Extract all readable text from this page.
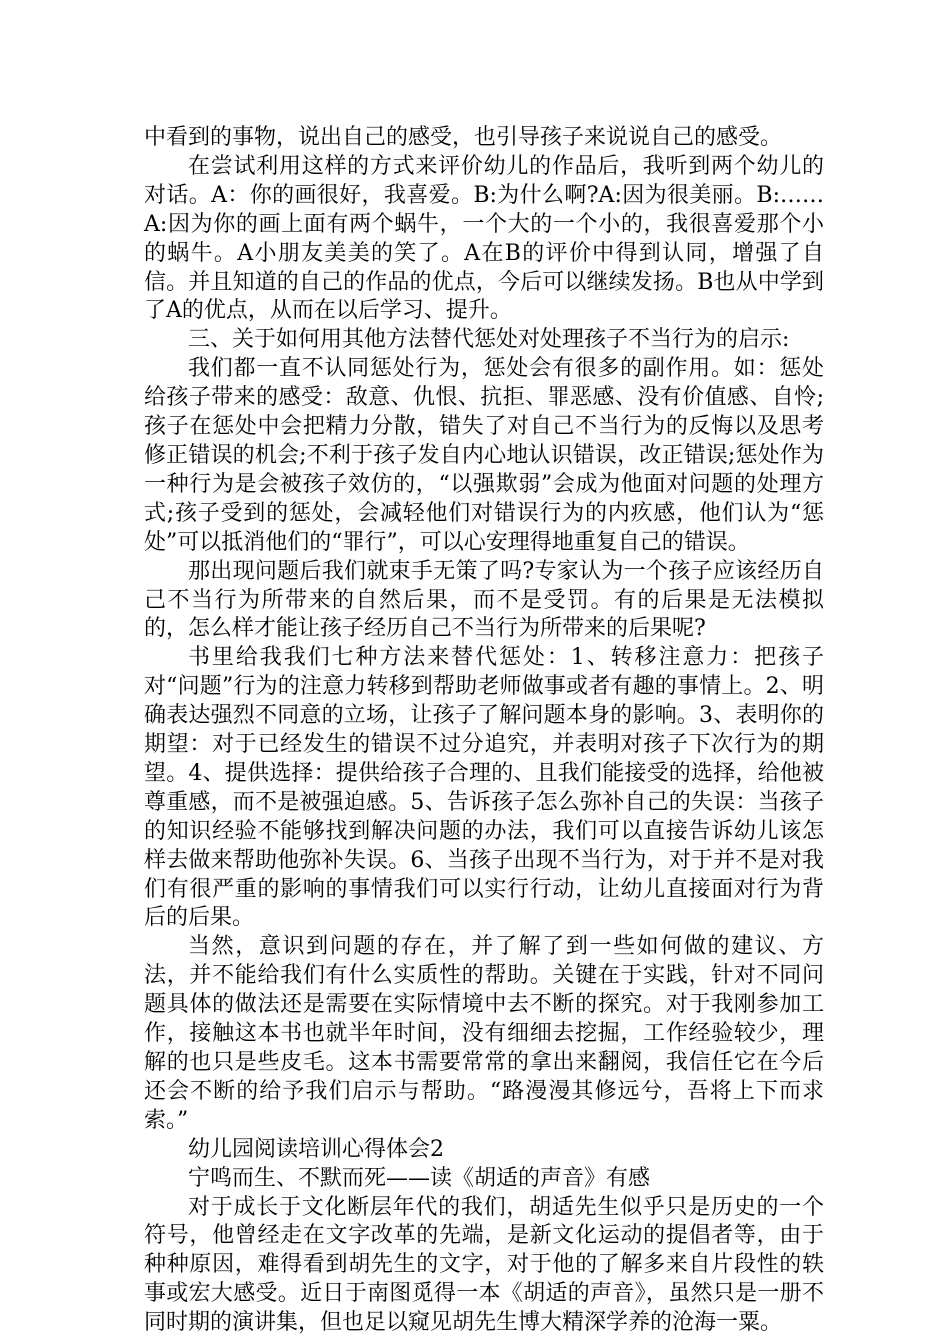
中看到的事物，说出自己的感受，也引导孩子来说说自己的感受。

在尝试利用这样的方式来评价幼儿的作品后，我听到两个幼儿的对话。A：你的画很好，我喜爱。B:为什么啊?A:因为很美丽。B:……A:因为你的画上面有两个蜗牛，一个大的一个小的，我很喜爱那个小的蜗牛。A小朋友美美的笑了。A在B的评价中得到认同，增强了自信。并且知道的自己的作品的优点，今后可以继续发扬。B也从中学到了A的优点，从而在以后学习、提升。

三、关于如何用其他方法替代惩处对处理孩子不当行为的启示:

我们都一直不认同惩处行为，惩处会有很多的副作用。如：惩处给孩子带来的感受：敌意、仇恨、抗拒、罪恶感、没有价值感、自怜;孩子在惩处中会把精力分散，错失了对自己不当行为的反悔以及思考修正错误的机会;不利于孩子发自内心地认识错误，改正错误;惩处作为一种行为是会被孩子效仿的，“以强欺弱”会成为他面对问题的处理方式;孩子受到的惩处，会减轻他们对错误行为的内疚感，他们认为“惩处”可以抵消他们的“罪行”，可以心安理得地重复自己的错误。

那出现问题后我们就束手无策了吗?专家认为一个孩子应该经历自己不当行为所带来的自然后果，而不是受罚。有的后果是无法模拟的，怎么样才能让孩子经历自己不当行为所带来的后果呢?

书里给我我们七种方法来替代惩处：1、转移注意力：把孩子对“问题”行为的注意力转移到帮助老师做事或者有趣的事情上。2、明确表达强烈不同意的立场，让孩子了解问题本身的影响。3、表明你的期望：对于已经发生的错误不过分追究，并表明对孩子下次行为的期望。4、提供选择：提供给孩子合理的、且我们能接受的选择，给他被尊重感，而不是被强迫感。5、告诉孩子怎么弥补自己的失误：当孩子的知识经验不能够找到解决问题的办法，我们可以直接告诉幼儿该怎样去做来帮助他弥补失误。6、当孩子出现不当行为，对于并不是对我们有很严重的影响的事情我们可以实行行动，让幼儿直接面对行为背后的后果。

当然，意识到问题的存在，并了解了到一些如何做的建议、方法，并不能给我们有什么实质性的帮助。关键在于实践，针对不同问题具体的做法还是需要在实际情境中去不断的探究。对于我刚参加工作，接触这本书也就半年时间，没有细细去挖掘，工作经验较少，理解的也只是些皮毛。这本书需要常常的拿出来翻阅，我信任它在今后还会不断的给予我们启示与帮助。“路漫漫其修远兮，吾将上下而求索。”

幼儿园阅读培训心得体会2

宁鸣而生、不默而死——读《胡适的声音》有感

对于成长于文化断层年代的我们，胡适先生似乎只是历史的一个符号，他曾经走在文字改革的先端，是新文化运动的提倡者等，由于种种原因，难得看到胡先生的文字，对于他的了解多来自片段性的轶事或宏大感受。近日于南图觅得一本《胡适的声音》，虽然只是一册不同时期的演讲集，但也足以窥见胡先生博大精深学养的沧海一粟。
